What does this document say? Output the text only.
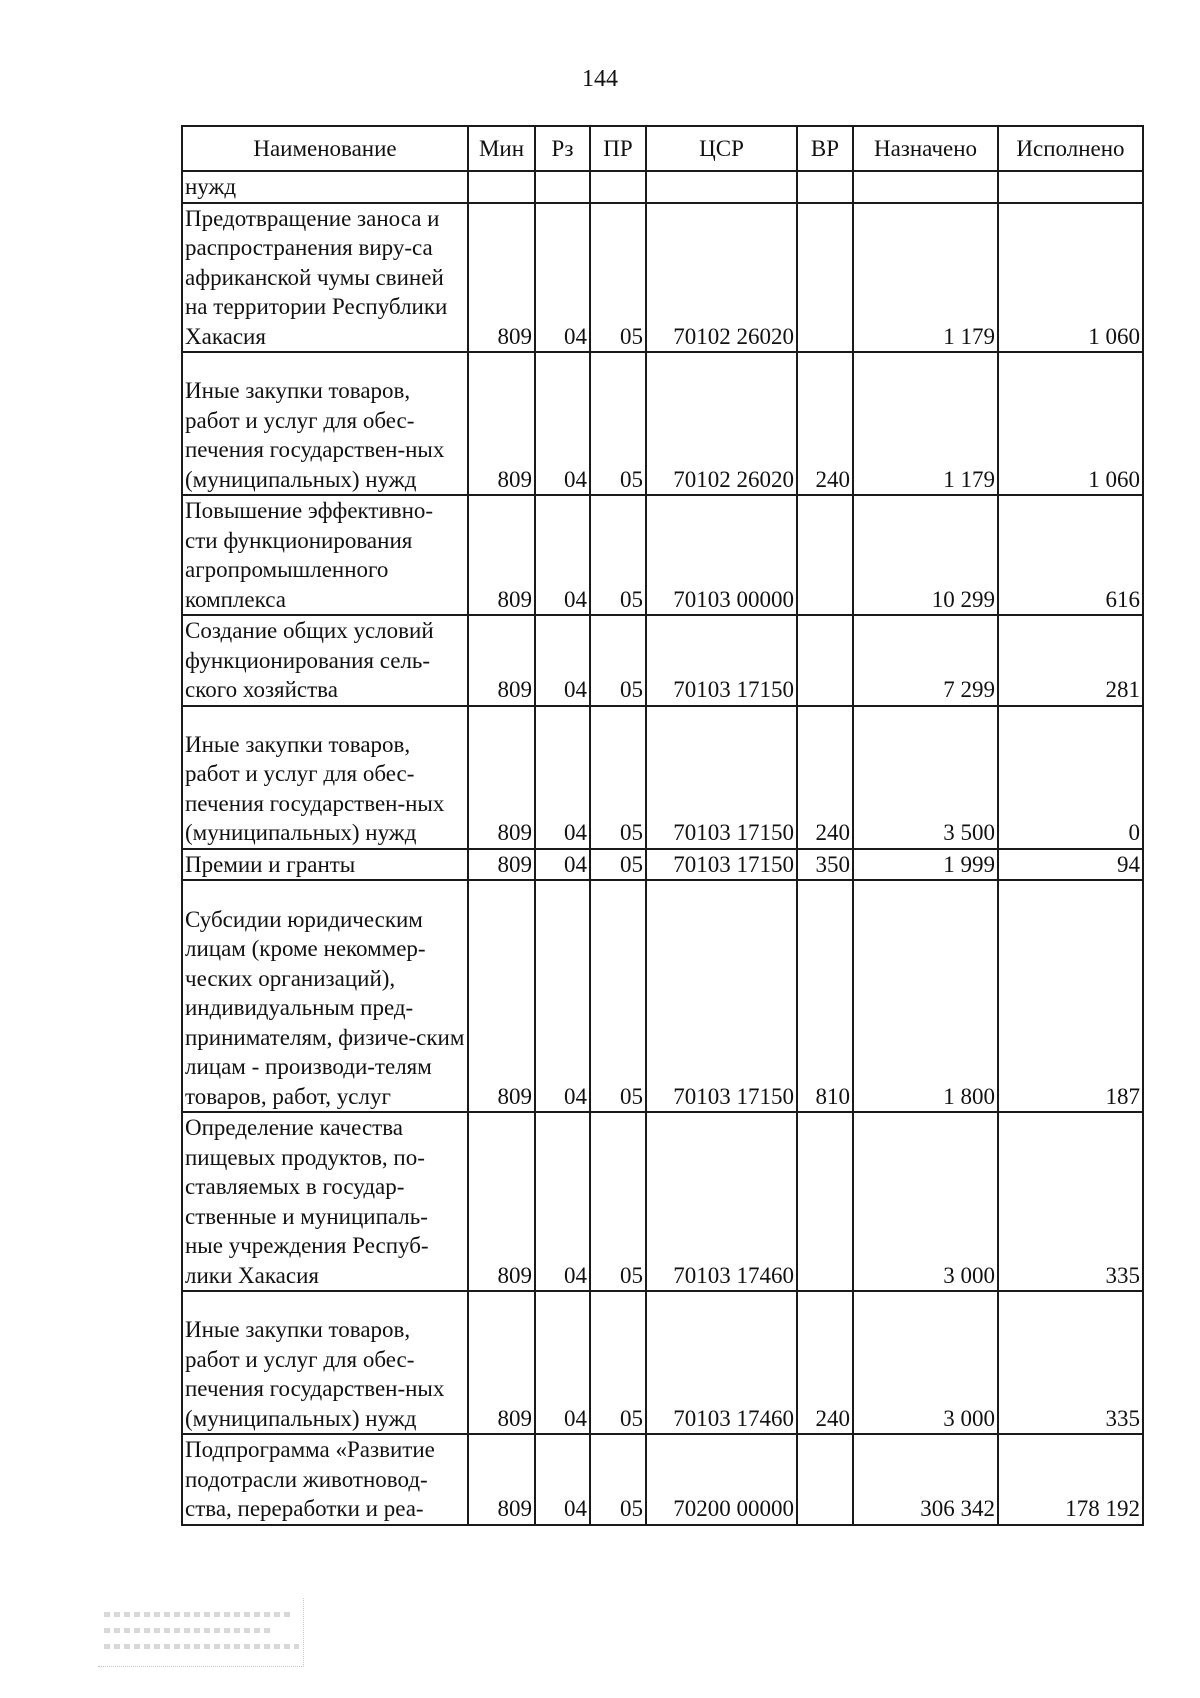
144
Наименование	Мин	Рз	ПР	ЦСР	ВР	Назначено	Исполнено
нужд							
Предотвращение заноса и распространения виру-са африканской чумы свиней на территории Республики Хакасия	809	04	05	70102 26020		1 179	1 060
Иные закупки товаров, работ и услуг для обес-печения государствен-ных (муниципальных) нужд	809	04	05	70102 26020	240	1 179	1 060
Повышение эффективно-сти функционирования агропромышленного комплекса	809	04	05	70103 00000		10 299	616
Создание общих условий функционирования сель-ского хозяйства	809	04	05	70103 17150		7 299	281
Иные закупки товаров, работ и услуг для обес-печения государствен-ных (муниципальных) нужд	809	04	05	70103 17150	240	3 500	0
Премии и гранты	809	04	05	70103 17150	350	1 999	94
Субсидии юридическим лицам (кроме некоммер-ческих организаций), индивидуальным пред-принимателям, физиче-ским лицам - производи-телям товаров, работ, услуг	809	04	05	70103 17150	810	1 800	187
Определение качества пищевых продуктов, по-ставляемых в государ-ственные и муниципаль-ные учреждения Респуб-лики Хакасия	809	04	05	70103 17460		3 000	335
Иные закупки товаров, работ и услуг для обес-печения государствен-ных (муниципальных) нужд	809	04	05	70103 17460	240	3 000	335
Подпрограмма «Развитие подотрасли животновод-ства, переработки и реа-	809	04	05	70200 00000		306 342	178 192
